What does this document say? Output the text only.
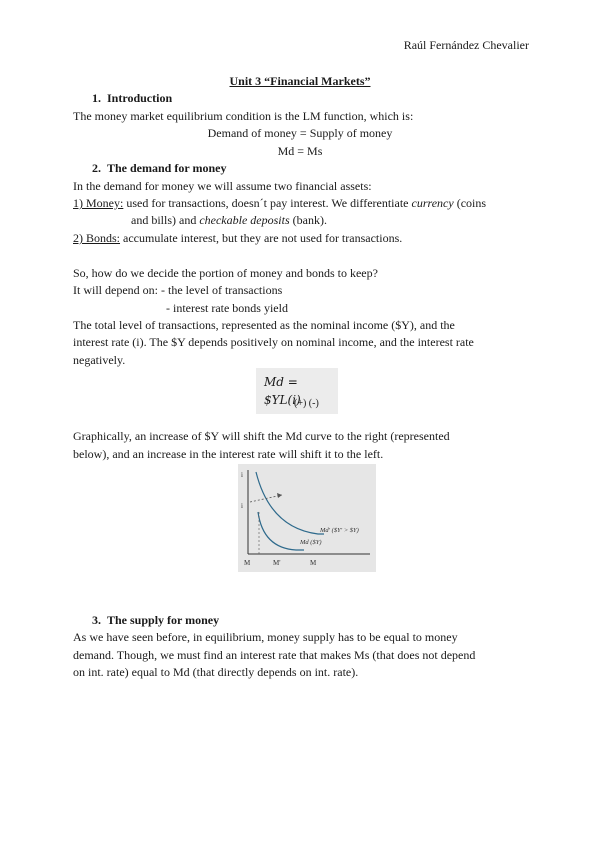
Raúl Fernández Chevalier
Unit 3 “Financial Markets”
1. Introduction
The money market equilibrium condition is the LM function, which is:
Demand of money = Supply of money
Md = Ms
2. The demand for money
In the demand for money we will assume two financial assets:
1) Money: used for transactions, doesn´t pay interest. We differentiate currency (coins
and bills) and checkable deposits (bank).
2) Bonds: accumulate interest, but they are not used for transactions.
So, how do we decide the portion of money and bonds to keep?
It will depend on: - the level of transactions
- interest rate bonds yield
The total level of transactions, represented as the nominal income ($Y), and the
interest rate (i). The $Y depends positively on nominal income, and the interest rate
negatively.
Md = $YL(i)
(+) (-)
Graphically, an increase of $Y will shift the Md curve to the right (represented
below), and an increase in the interest rate will shift it to the left.
i
i
Md' ($Y' > $Y)
Md ($Y)
M	M'	M
3. The supply for money
As we have seen before, in equilibrium, money supply has to be equal to money
demand. Though, we must find an interest rate that makes Ms (that does not depend
on int. rate) equal to Md (that directly depends on int. rate).
